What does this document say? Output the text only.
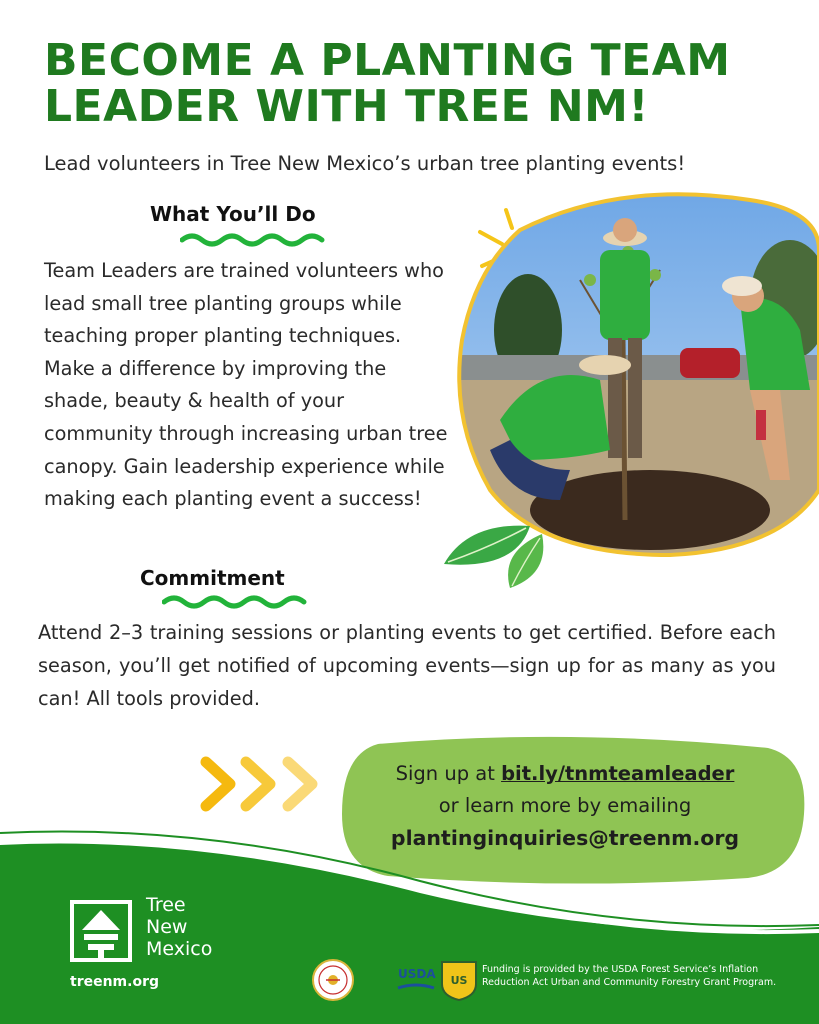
BECOME A PLANTING TEAM LEADER WITH TREE NM!
Lead volunteers in Tree New Mexico’s urban tree planting events!
What You’ll Do
Team Leaders are trained volunteers who lead small tree planting groups while teaching proper planting techniques. Make a difference by improving the shade, beauty & health of your community through increasing urban tree canopy. Gain leadership experience while making each planting event a success!
Commitment
Attend 2–3 training sessions or planting events to get certified. Before each season, you’ll get notified of upcoming events—sign up for as many as you can! All tools provided.
Sign up at bit.ly/tnmteamleader
or learn more by emailing
plantinginquiries@treenm.org
Tree
New
Mexico
treenm.org	USDA US
Funding is provided by the USDA Forest Service’s Inflation Reduction Act Urban and Community Forestry Grant Program.
